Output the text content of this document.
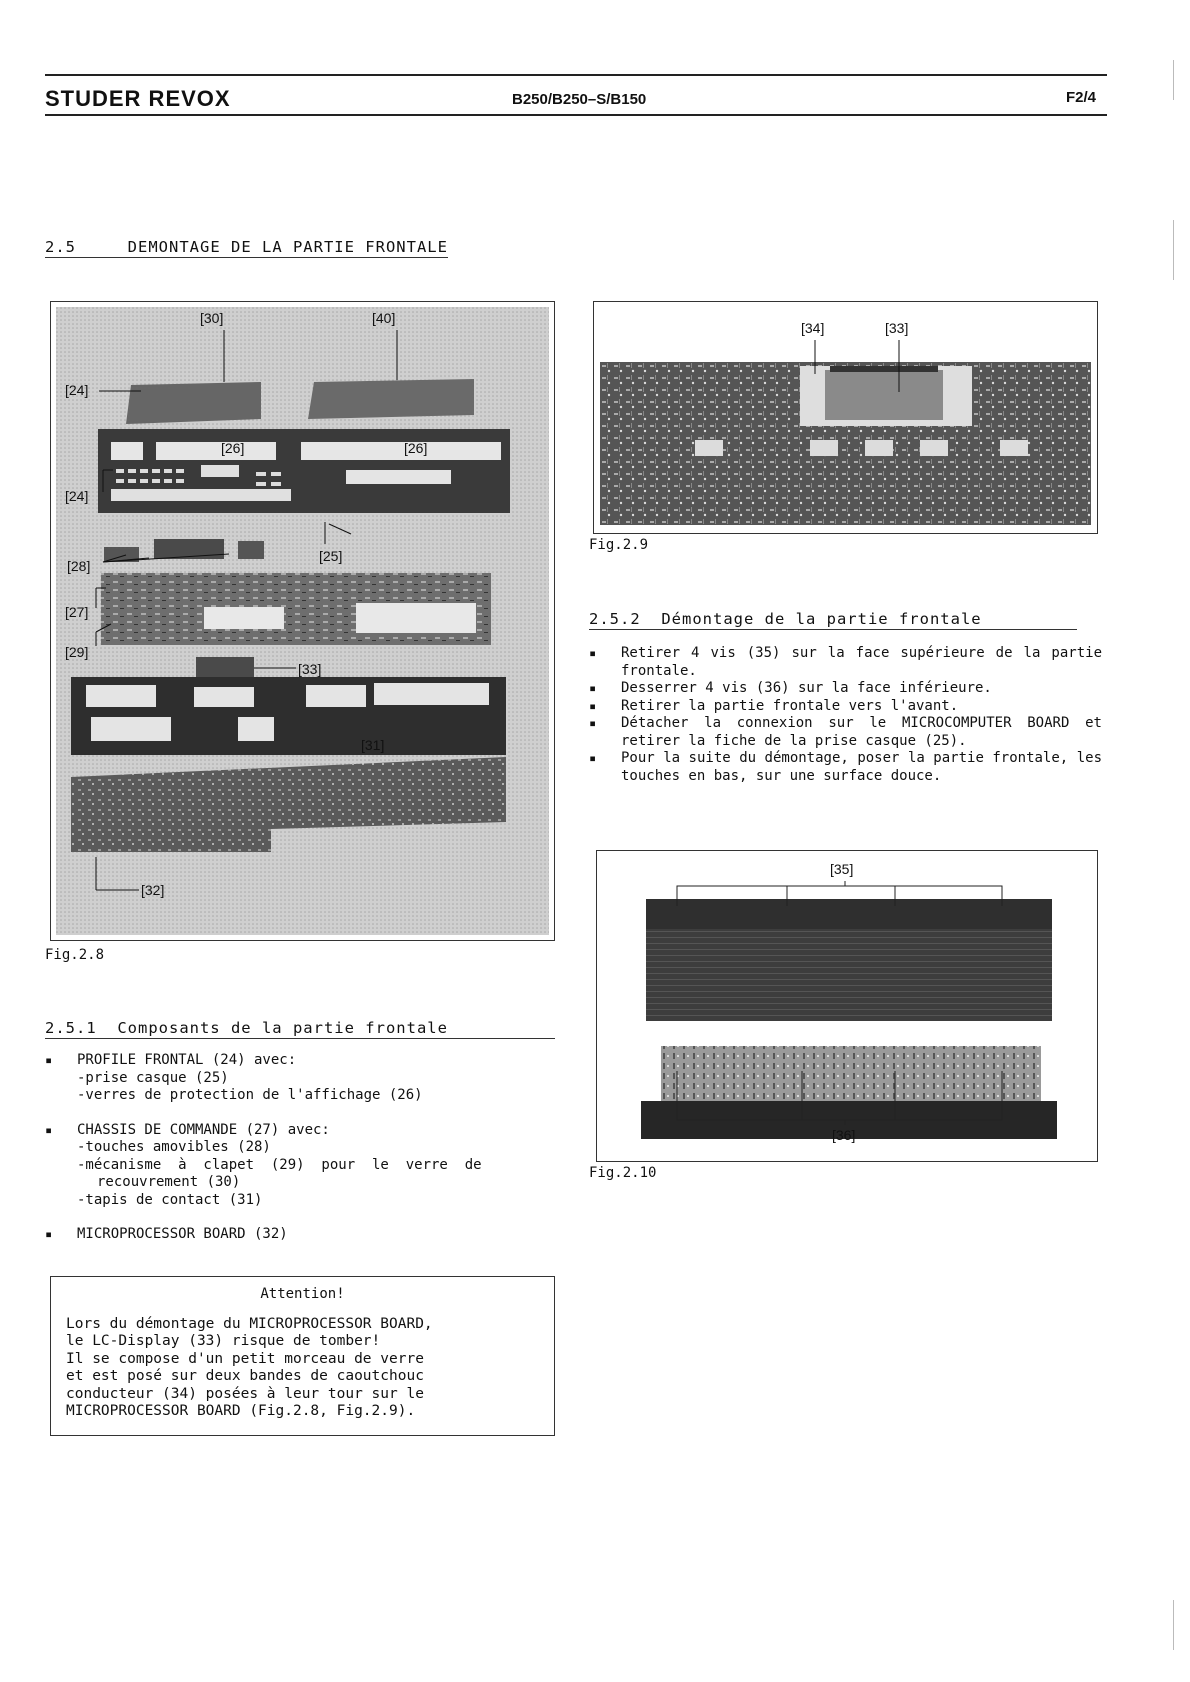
STUDER REVOX	B250/B250–S/B150	F2/4
2.5	DEMONTAGE DE LA PARTIE FRONTALE
[30]	[40]
[24]
[26]	[26]
[24]
[25]
[28]
[27]
[29]
[33]
[31]
[32]
Fig.2.8
2.5.1  Composants de la partie frontale
▪ PROFILE FRONTAL (24) avec:
-prise casque (25)
-verres de protection de l'affichage (26)
▪ CHASSIS DE COMMANDE (27) avec:
-touches amovibles (28)
-mécanisme  à  clapet  (29)  pour  le  verre  de
recouvrement (30)
-tapis de contact (31)
▪ MICROPROCESSOR BOARD (32)
Attention!
Lors du démontage du MICROPROCESSOR BOARD,
le LC-Display (33) risque de tomber!
Il se compose d'un petit morceau de verre
et est posé sur deux bandes de caoutchouc
conducteur (34) posées à leur tour sur le
MICROPROCESSOR BOARD (Fig.2.8, Fig.2.9).
[34]	[33]
Fig.2.9
2.5.2  Démontage de la partie frontale
▪ Retirer 4 vis (35) sur la face supérieure de la partie frontale.
▪ Desserrer 4 vis (36) sur la face inférieure.
▪ Retirer la partie frontale vers l'avant.
▪ Détacher la connexion sur le MICROCOMPUTER BOARD et retirer la fiche de la prise casque (25).
▪ Pour la suite du démontage, poser la partie frontale, les touches en bas, sur une surface douce.
[35]
[36]
Fig.2.10
